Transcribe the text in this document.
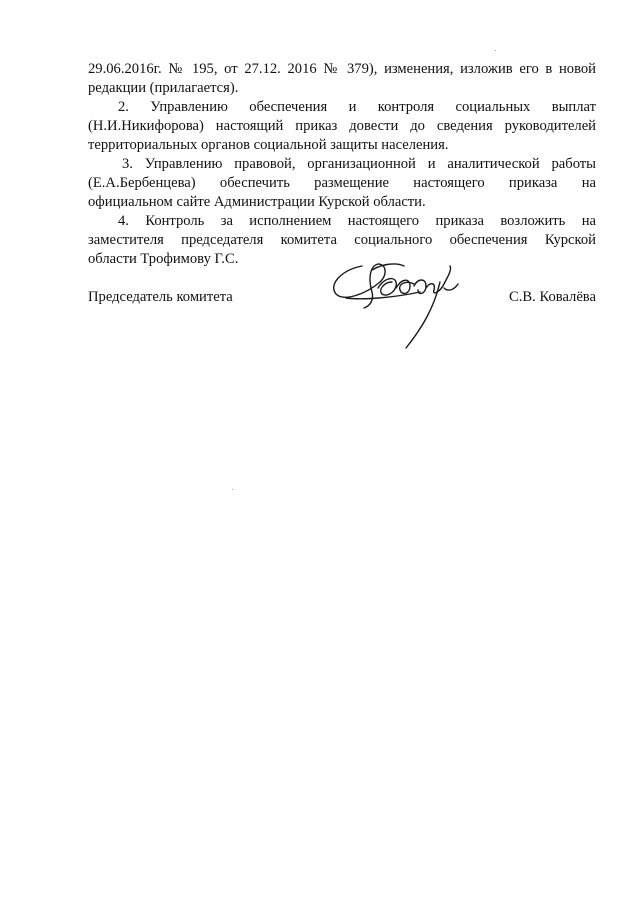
29.06.2016г. № 195, от 27.12. 2016 № 379), изменения, изложив его в новой
редакции (прилагается).

2. Управлению обеспечения и контроля социальных выплат
(Н.И.Никифорова) настоящий приказ довести до сведения руководителей
территориальных органов социальной защиты населения.

3. Управлению правовой, организационной и аналитической работы
(Е.А.Бербенцева) обеспечить размещение настоящего приказа на
официальном сайте Администрации Курской области.

4. Контроль за исполнением настоящего приказа возложить на
заместителя председателя комитета социального обеспечения Курской
области Трофимову Г.С.

Председатель комитета	С.В. Ковалёва
